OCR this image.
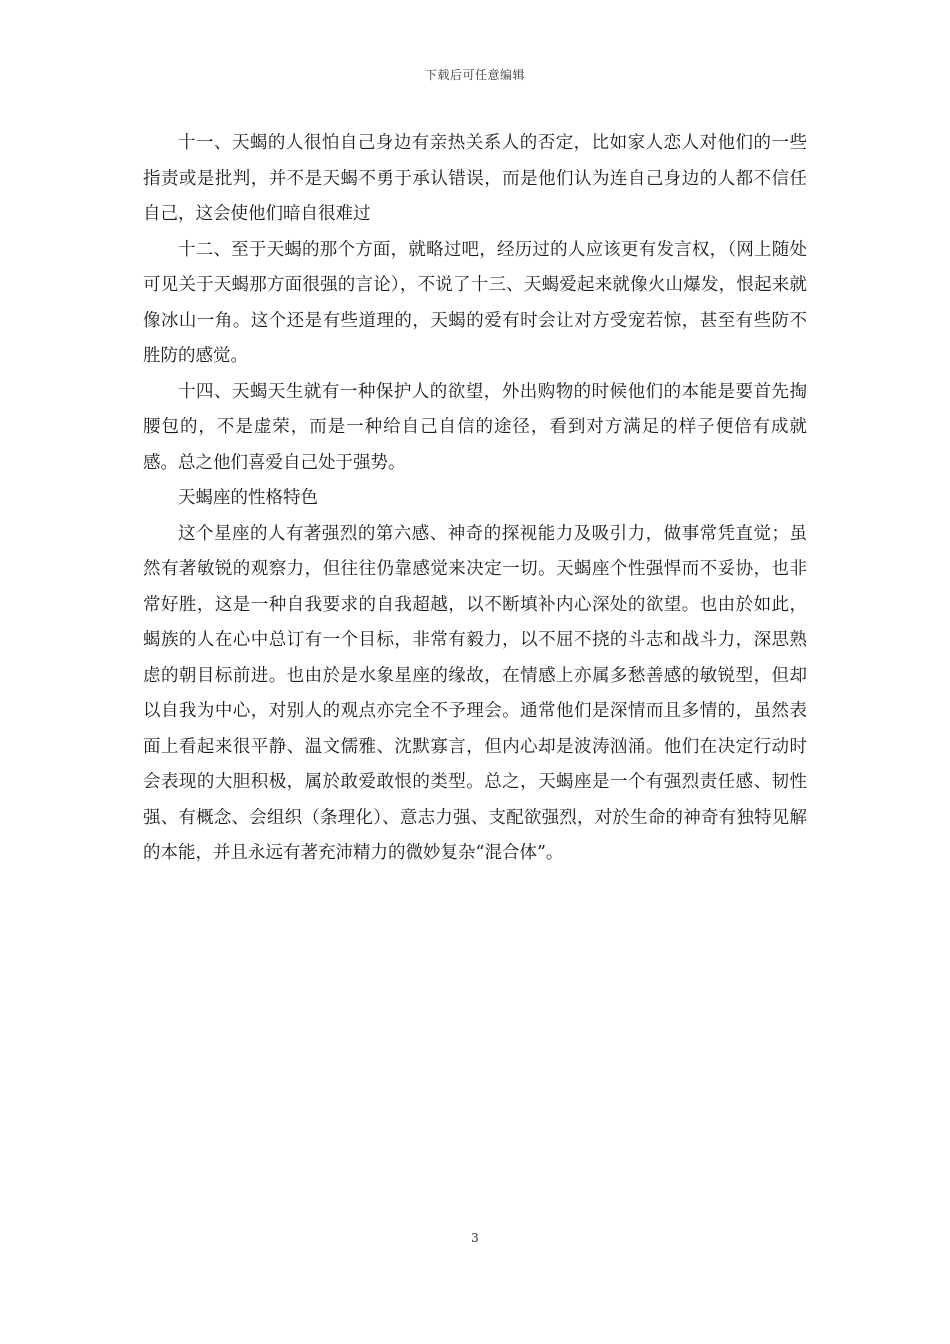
下载后可任意编辑

十一、天蝎的人很怕自己身边有亲热关系人的否定，比如家人恋人对他们的一些指责或是批判，并不是天蝎不勇于承认错误，而是他们认为连自己身边的人都不信任自己，这会使他们暗自很难过

十二、至于天蝎的那个方面，就略过吧，经历过的人应该更有发言权，（网上随处可见关于天蝎那方面很强的言论），不说了十三、天蝎爱起来就像火山爆发，恨起来就像冰山一角。这个还是有些道理的，天蝎的爱有时会让对方受宠若惊，甚至有些防不胜防的感觉。

十四、天蝎天生就有一种保护人的欲望，外出购物的时候他们的本能是要首先掏腰包的，不是虚荣，而是一种给自己自信的途径，看到对方满足的样子便倍有成就感。总之他们喜爱自己处于强势。

天蝎座的性格特色

这个星座的人有著强烈的第六感、神奇的探视能力及吸引力，做事常凭直觉；虽然有著敏锐的观察力，但往往仍靠感觉来决定一切。天蝎座个性强悍而不妥协，也非常好胜，这是一种自我要求的自我超越，以不断填补内心深处的欲望。也由於如此，蝎族的人在心中总订有一个目标，非常有毅力，以不屈不挠的斗志和战斗力，深思熟虑的朝目标前进。也由於是水象星座的缘故，在情感上亦属多愁善感的敏锐型，但却以自我为中心，对别人的观点亦完全不予理会。通常他们是深情而且多情的，虽然表面上看起来很平静、温文儒雅、沈默寡言，但内心却是波涛汹涌。他们在决定行动时会表现的大胆积极，属於敢爱敢恨的类型。总之，天蝎座是一个有强烈责任感、韧性强、有概念、会组织（条理化）、意志力强、支配欲强烈，对於生命的神奇有独特见解的本能，并且永远有著充沛精力的微妙复杂“混合体”。

3
